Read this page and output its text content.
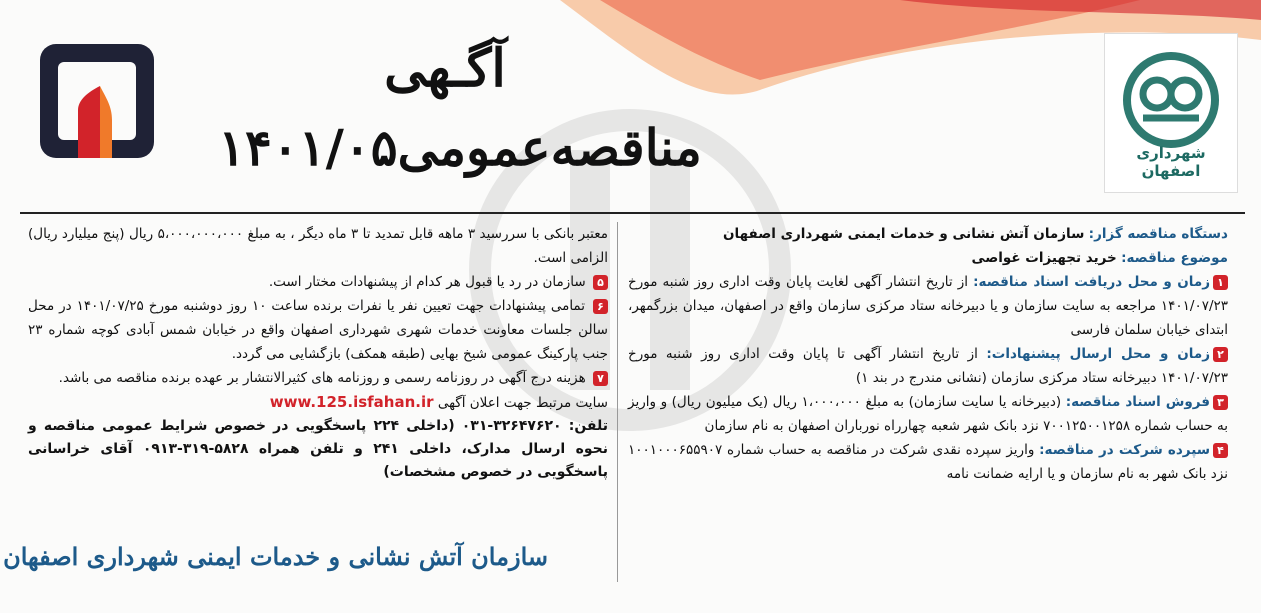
شهرداری اصفهان
آگـهی
مناقصه‌عمومی۱۴۰۱/۰۵

دستگاه مناقصه گزار: سازمان آتش نشانی و خدمات ایمنی شهرداری اصفهان

موضوع مناقصه: خرید تجهیزات غواصی

۱زمان و محل دریافت اسناد مناقصه: از تاریخ انتشار آگهی لغایت پایان وقت اداری روز شنبه مورخ ۱۴۰۱/۰۷/۲۳ مراجعه به سایت سازمان و یا دبیرخانه ستاد مرکزی سازمان واقع در اصفهان، میدان بزرگمهر، ابتدای خیابان سلمان فارسی

۲زمان و محل ارسال پیشنهادات: از تاریخ انتشار آگهی تا پایان وقت اداری روز شنبه مورخ ۱۴۰۱/۰۷/۲۳ دبیرخانه ستاد مرکزی سازمان (نشانی مندرج در بند ۱)

۳فروش اسناد مناقصه: (دبیرخانه یا سایت سازمان) به مبلغ ۱،۰۰۰،۰۰۰ ریال (یک میلیون ریال) و واریز به حساب شماره ۷۰۰۱۲۵۰۰۱۲۵۸ نزد بانک شهر شعبه چهارراه نورباران اصفهان به نام سازمان

۴سپرده شرکت در مناقصه: واریز سپرده نقدی شرکت در مناقصه به حساب شماره ۱۰۰۱۰۰۰۶۵۵۹۰۷ نزد بانک شهر به نام سازمان و یا ارایه ضمانت نامه

معتبر بانکی با سررسید ۳ ماهه قابل تمدید تا ۳ ماه دیگر ، به مبلغ ۵،۰۰۰،۰۰۰،۰۰۰ ریال (پنج میلیارد ریال) الزامی است.

۵ سازمان در رد یا قبول هر کدام از پیشنهادات مختار است.

۶ تمامی پیشنهادات جهت تعیین نفر یا نفرات برنده ساعت ۱۰ روز دوشنبه مورخ ۱۴۰۱/۰۷/۲۵ در محل سالن جلسات معاونت خدمات شهری شهرداری اصفهان واقع در خیابان شمس آبادی کوچه شماره ۲۳ جنب پارکینگ عمومی شیخ بهایی (طبقه همکف) بازگشایی می گردد.

۷ هزینه درج آگهی در روزنامه رسمی و روزنامه های کثیرالانتشار بر عهده برنده مناقصه می باشد.

سایت مرتبط جهت اعلان آگهی www.125.isfahan.ir

تلفن: ۳۲۶۴۷۶۲۰-۰۳۱ (داخلی ۲۲۴ پاسخگویی در خصوص شرایط عمومی مناقصه و نحوه ارسال مدارک، داخلی ۲۴۱ و تلفن همراه ۵۸۲۸-۳۱۹-۰۹۱۳ آقای خراسانی پاسخگویی در خصوص مشخصات)

سازمان آتش نشانی و خدمات ایمنی شهرداری اصفهان
